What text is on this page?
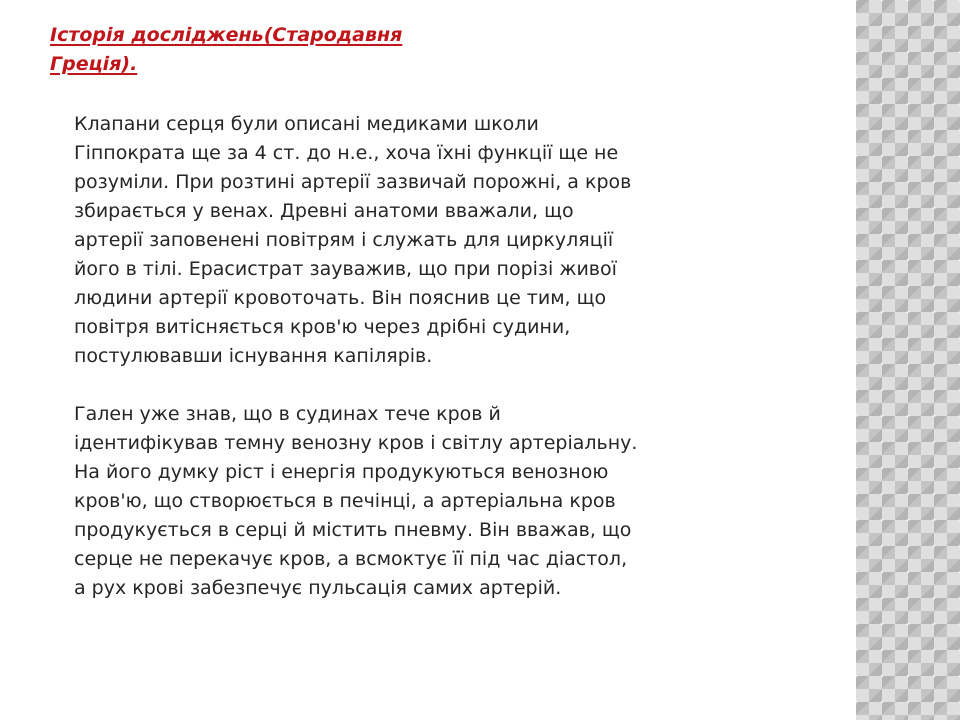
Історія досліджень(Стародавня
Греція).

Клапани серця були описані медиками школи
Гіппократа ще за 4 ст. до н.е., хоча їхні функції ще не
розуміли. При розтині артерії зазвичай порожні, а кров
збирається у венах. Древні анатоми вважали, що
артерії заповенені повітрям і служать для циркуляції
його в тілі. Ерасистрат зауважив, що при порізі живої
людини артерії кровоточать. Він пояснив це тим, що
повітря витісняється кров'ю через дрібні судини,
постулювавши існування капілярів.

Гален уже знав, що в судинах тече кров й
ідентифікував темну венозну кров і світлу артеріальну.
На його думку ріст і енергія продукуються венозною
кров'ю, що створюється в печінці, а артеріальна кров
продукується в серці й містить пневму. Він вважав, що
серце не перекачує кров, а всмоктує її під час діастол,
а рух крові забезпечує пульсація самих артерій.
